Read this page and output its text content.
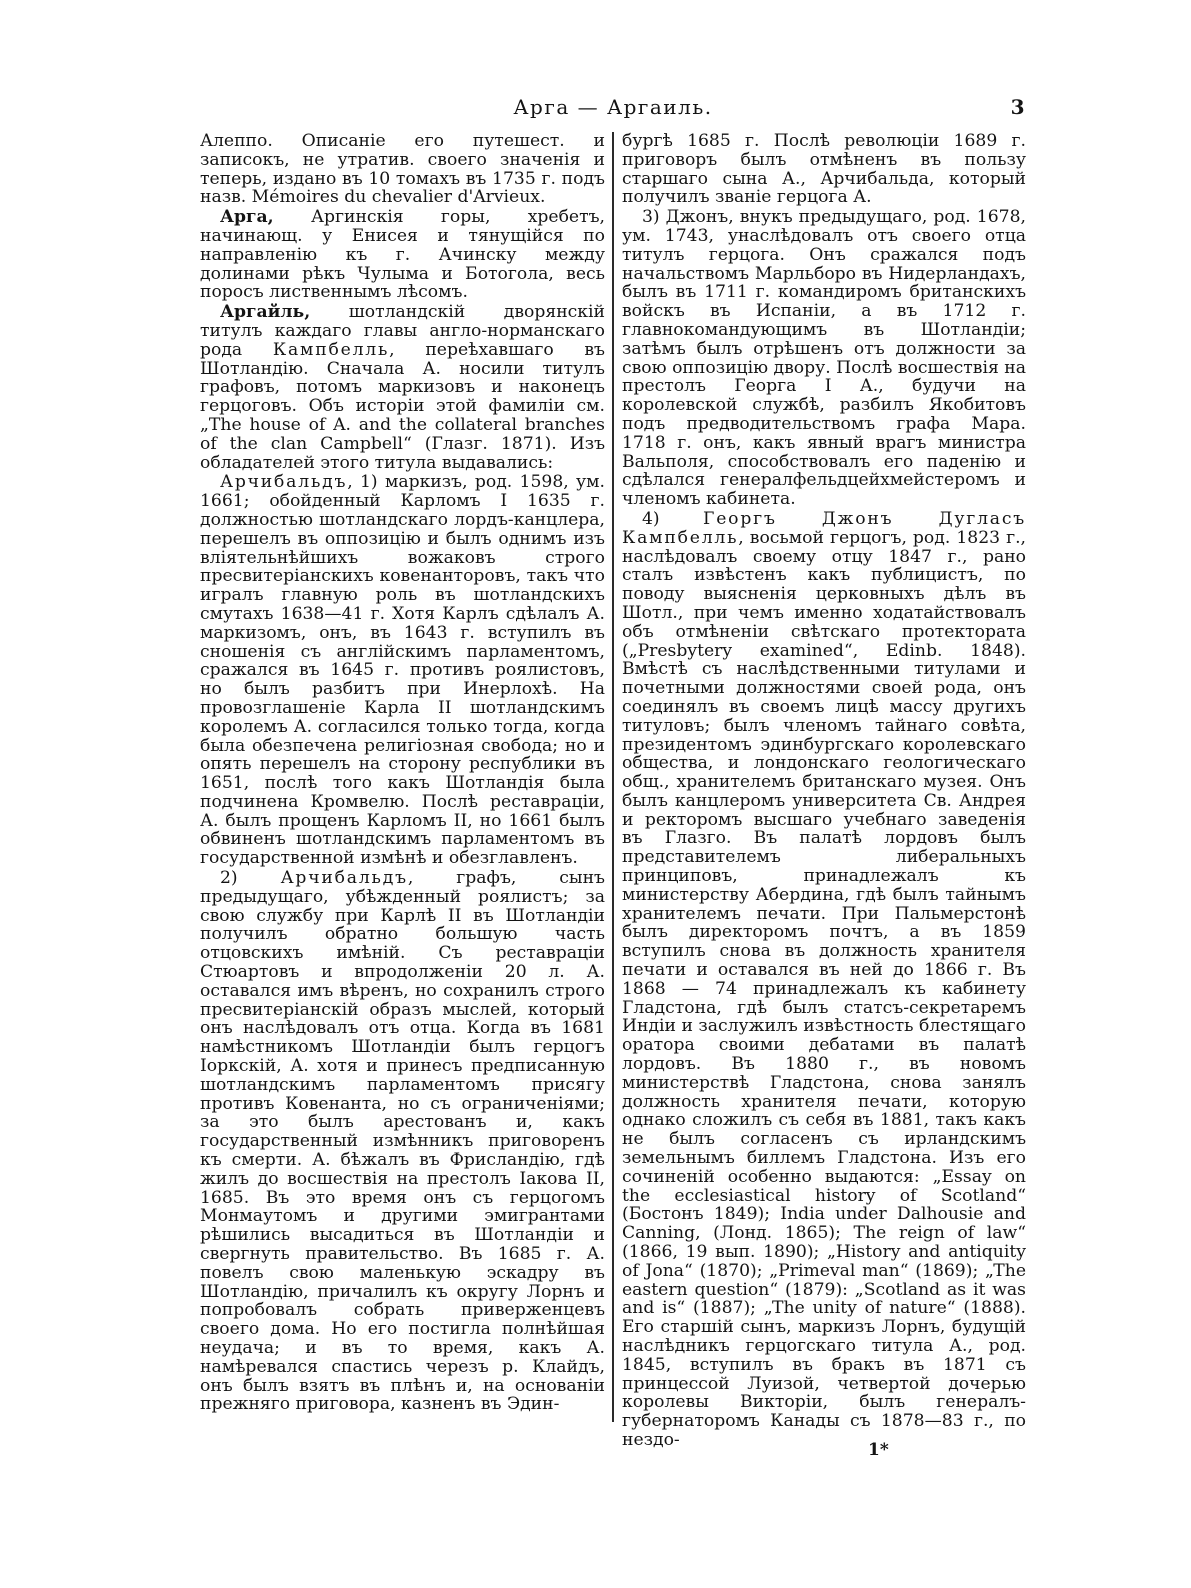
Арга — Аргаиль.	3

Алеппо. Описаніе его путешест. и записокъ, не утратив. своего значенія и теперь, издано въ 10 томахъ въ 1735 г. подъ назв. Mémoires du chevalier d'Arvieux.

Арга, Аргинскія горы, хребетъ, начинающ. у Енисея и тянущійся по направленію къ г. Ачинску между долинами рѣкъ Чулыма и Ботогола, весь поросъ лиственнымъ лѣсомъ.

Аргайль, шотландскій дворянскій титулъ каждаго главы англо-норманскаго рода Кампбелль, переѣхавшаго въ Шотландію. Сначала А. носили титулъ графовъ, потомъ маркизовъ и наконецъ герцоговъ. Объ исторіи этой фамиліи см. „The house of A. and the collateral branches of the clan Campbell“ (Глазг. 1871). Изъ обладателей этого титула выдавались:

Арчибальдъ, 1) маркизъ, род. 1598, ум. 1661; обойденный Карломъ I 1635 г. должностью шотландскаго лордъ-канцлера, перешелъ въ оппозицію и былъ однимъ изъ вліятельнѣйшихъ вожаковъ строго пресвитеріанскихъ ковенанторовъ, такъ что игралъ главную роль въ шотландскихъ смутахъ 1638—41 г. Хотя Карлъ сдѣлалъ А. маркизомъ, онъ, въ 1643 г. вступилъ въ сношенія съ англійскимъ парламентомъ, сражался въ 1645 г. противъ роялистовъ, но былъ разбитъ при Инерлохѣ. На провозглашеніе Карла II шотландскимъ королемъ А. согласился только тогда, когда была обезпечена религіозная свобода; но и опять перешелъ на сторону республики въ 1651, послѣ того какъ Шотландія была подчинена Кромвелю. Послѣ реставраціи, А. былъ прощенъ Карломъ II, но 1661 былъ обвиненъ шотландскимъ парламентомъ въ государственной измѣнѣ и обезглавленъ.

2) Арчибальдъ, графъ, сынъ предыдущаго, убѣжденный роялистъ; за свою службу при Карлѣ II въ Шотландіи получилъ обратно большую часть отцовскихъ имѣній. Съ реставраціи Стюартовъ и впродолженіи 20 л. А. оставался имъ вѣренъ, но сохранилъ строго пресвитеріанскій образъ мыслей, который онъ наслѣдовалъ отъ отца. Когда въ 1681 намѣстникомъ Шотландіи былъ герцогъ Іоркскій, А. хотя и принесъ предписанную шотландскимъ парламентомъ присягу противъ Ковенанта, но съ ограниченіями; за это былъ арестованъ и, какъ государственный измѣнникъ приговоренъ къ смерти. А. бѣжалъ въ Фрисландію, гдѣ жилъ до восшествія на престолъ Іакова II, 1685. Въ это время онъ съ герцогомъ Монмаутомъ и другими эмигрантами рѣшились высадиться въ Шотландіи и свергнуть правительство. Въ 1685 г. А. повелъ свою маленькую эскадру въ Шотландію, причалилъ къ округу Лорнъ и попробовалъ собрать приверженцевъ своего дома. Но его постигла полнѣйшая неудача; и въ то время, какъ А. намѣревался спастись черезъ р. Клайдъ, онъ былъ взятъ въ плѣнъ и, на основаніи прежняго приговора, казненъ въ Эдин-

бургѣ 1685 г. Послѣ революціи 1689 г. приговоръ былъ отмѣненъ въ пользу старшаго сына А., Арчибальда, который получилъ званіе герцога А.

3) Джонъ, внукъ предыдущаго, род. 1678, ум. 1743, унаслѣдовалъ отъ своего отца титулъ герцога. Онъ сражался подъ начальствомъ Марльборо въ Нидерландахъ, былъ въ 1711 г. командиромъ британскихъ войскъ въ Испаніи, а въ 1712 г. главнокомандующимъ въ Шотландіи; затѣмъ былъ отрѣшенъ отъ должности за свою оппозицію двору. Послѣ восшествія на престолъ Георга I А., будучи на королевской службѣ, разбилъ Якобитовъ подъ предводительствомъ графа Мара. 1718 г. онъ, какъ явный врагъ министра Вальполя, способствовалъ его паденію и сдѣлался генералфельдцейхмейстеромъ и членомъ кабинета.

4) Георгъ Джонъ Дугласъ Кампбелль, восьмой герцогъ, род. 1823 г., наслѣдовалъ своему отцу 1847 г., рано сталъ извѣстенъ какъ публицистъ, по поводу выясненія церковныхъ дѣлъ въ Шотл., при чемъ именно ходатайствовалъ объ отмѣненіи свѣтскаго протектората („Presbytery examined“, Edinb. 1848). Вмѣстѣ съ наслѣдственными титулами и почетными должностями своей рода, онъ соединялъ въ своемъ лицѣ массу другихъ титуловъ; былъ членомъ тайнаго совѣта, президентомъ эдинбургскаго королевскаго общества, и лондонскаго геологическаго общ., хранителемъ британскаго музея. Онъ былъ канцлеромъ университета Св. Андрея и ректоромъ высшаго учебнаго заведенія въ Глазго. Въ палатѣ лордовъ былъ представителемъ либеральныхъ принциповъ, принадлежалъ къ министерству Абердина, гдѣ былъ тайнымъ хранителемъ печати. При Пальмерстонѣ былъ директоромъ почтъ, а въ 1859 вступилъ снова въ должность хранителя печати и оставался въ ней до 1866 г. Въ 1868 — 74 принадлежалъ къ кабинету Гладстона, гдѣ былъ статсъ-секретаремъ Индіи и заслужилъ извѣстность блестящаго оратора своими дебатами въ палатѣ лордовъ. Въ 1880 г., въ новомъ министерствѣ Гладстона, снова занялъ должность хранителя печати, которую однако сложилъ съ себя въ 1881, такъ какъ не былъ согласенъ съ ирландскимъ земельнымъ биллемъ Гладстона. Изъ его сочиненій особенно выдаются: „Essay on the ecclesiastical history of Scotland“ (Бостонъ 1849); India under Dalhousie and Canning, (Лонд. 1865); The reign of law“ (1866, 19 вып. 1890); „History and antiquity of Jona“ (1870); „Primeval man“ (1869); „The eastern question“ (1879): „Scotland as it was and is“ (1887); „The unity of nature“ (1888). Его старшій сынъ, маркизъ Лорнъ, будущій наслѣдникъ герцогскаго титула А., род. 1845, вступилъ въ бракъ въ 1871 съ принцессой Луизой, четвертой дочерью королевы Викторіи, былъ генералъ-губернаторомъ Канады съ 1878—83 г., по нездо-

1*
